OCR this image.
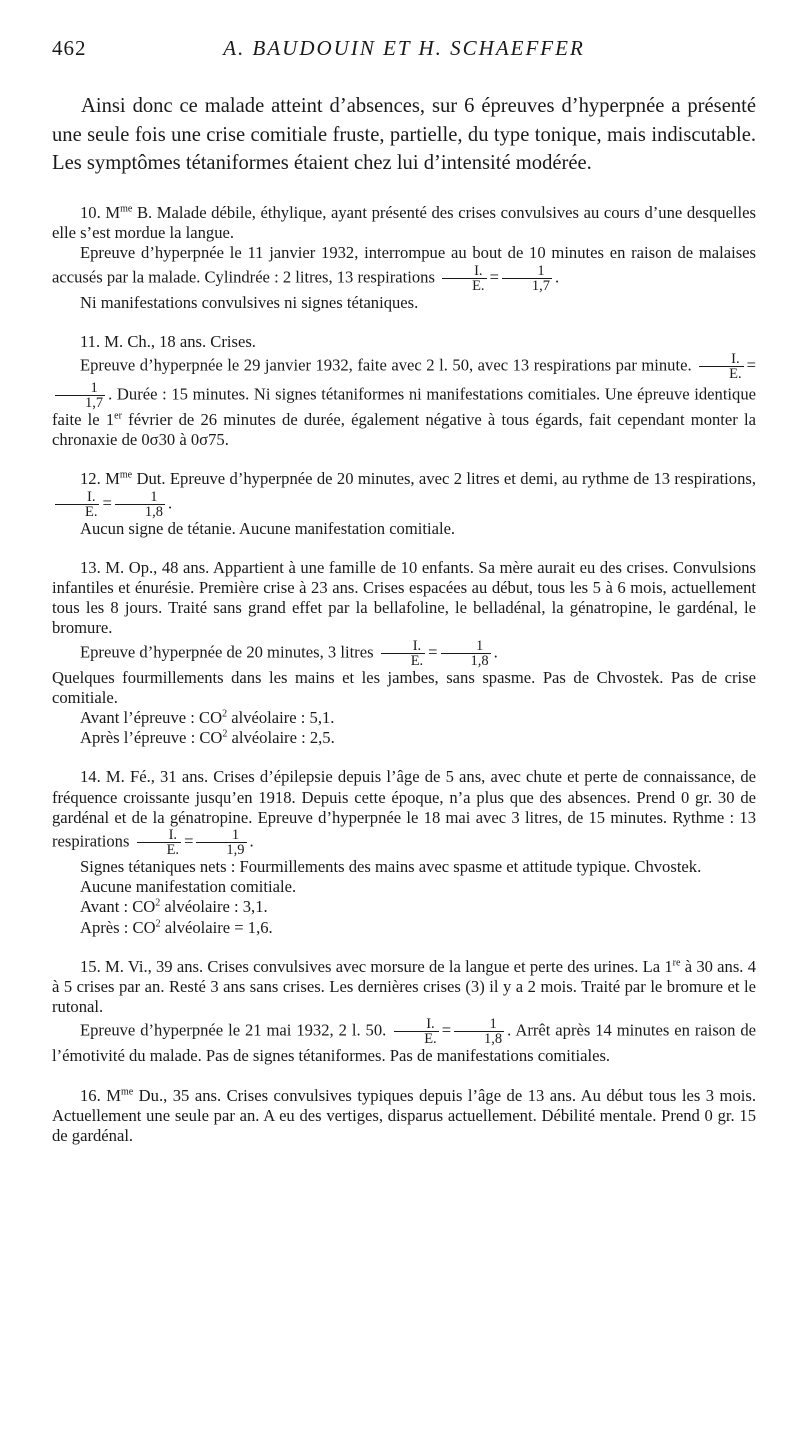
462	A. BAUDOUIN ET H. SCHAEFFER

Ainsi donc ce malade atteint d’absences, sur 6 épreuves d’hyperpnée a présenté une seule fois une crise comitiale fruste, partielle, du type tonique, mais indiscutable. Les symptômes tétaniformes étaient chez lui d’intensité modérée.

10. $M^{me}$ B. Malade débile, éthylique, ayant présenté des crises convulsives au cours d’une desquelles elle s’est mordue la langue.

Epreuve d’hyperpnée le 11 janvier 1932, interrompue au bout de 10 minutes en raison de malaises accusés par la malade. Cylindrée : 2 litres, 13 respirations $\frac{I.}{E.} = \frac{1}{1,7}$ .

Ni manifestations convulsives ni signes tétaniques.

11. M. Ch., 18 ans. Crises.

Epreuve d’hyperpnée le 29 janvier 1932, faite avec 2 l. 50, avec 13 respirations par minute. $\frac{I.}{E.}$ =
$\frac{1}{1,7}$ . Durée : 15 minutes. Ni signes tétaniformes ni manifestations comitiales. Une épreuve identique faite le 1er février de 26 minutes de durée, également négative à tous égards, fait cependant monter la chronaxie de 0σ30 à 0σ75.

12. $M^{me}$ Dut. Epreuve d’hyperpnée de 20 minutes, avec 2 litres et demi, au rythme de 13 respirations,
$\frac{I.}{E.} = \frac{1}{1,8}$ .

Aucun signe de tétanie. Aucune manifestation comitiale.

13. M. Op., 48 ans. Appartient à une famille de 10 enfants. Sa mère aurait eu des crises. Convulsions infantiles et énurésie. Première crise à 23 ans. Crises espacées au début, tous les 5 à 6 mois, actuellement tous les 8 jours. Traité sans grand effet par la bellafoline, le belladénal, la génatropine, le gardénal, le bromure.

Epreuve d’hyperpnée de 20 minutes, 3 litres $\frac{I.}{E.} = \frac{1}{1,8}$ .

Quelques fourmillements dans les mains et les jambes, sans spasme. Pas de Chvostek. Pas de crise comitiale.

Avant l’épreuve : $CO^2$ alvéolaire : 5,1.

Après l’épreuve : $CO^2$ alvéolaire : 2,5.

14. M. Fé., 31 ans. Crises d’épilepsie depuis l’âge de 5 ans, avec chute et perte de connaissance, de fréquence croissante jusqu’en 1918. Depuis cette époque, n’a plus que des absences. Prend 0 gr. 30 de gardénal et de la génatropine. Epreuve d’hyperpnée le 18 mai avec 3 litres, de 15 minutes. Rythme : 13 respirations $\frac{I.}{E.} = \frac{1}{1,9}$ .

Signes tétaniques nets : Fourmillements des mains avec spasme et attitude typique. Chvostek.

Aucune manifestation comitiale.

Avant : $CO^2$ alvéolaire : 3,1.

Après : $CO^2$ alvéolaire = 1,6.

15. M. Vi., 39 ans. Crises convulsives avec morsure de la langue et perte des urines. La 1re à 30 ans. 4 à 5 crises par an. Resté 3 ans sans crises. Les dernières crises (3) il y a 2 mois. Traité par le bromure et le rutonal.

Epreuve d’hyperpnée le 21 mai 1932, 2 l. 50. $\frac{I.}{E.} = \frac{1}{1,8}$ . Arrêt après 14 minutes en raison de l’émotivité du malade. Pas de signes tétaniformes. Pas de manifestations comitiales.

16. $M^{me}$ Du., 35 ans. Crises convulsives typiques depuis l’âge de 13 ans. Au début tous les 3 mois. Actuellement une seule par an. A eu des vertiges, disparus actuellement. Débilité mentale. Prend 0 gr. 15 de gardénal.
